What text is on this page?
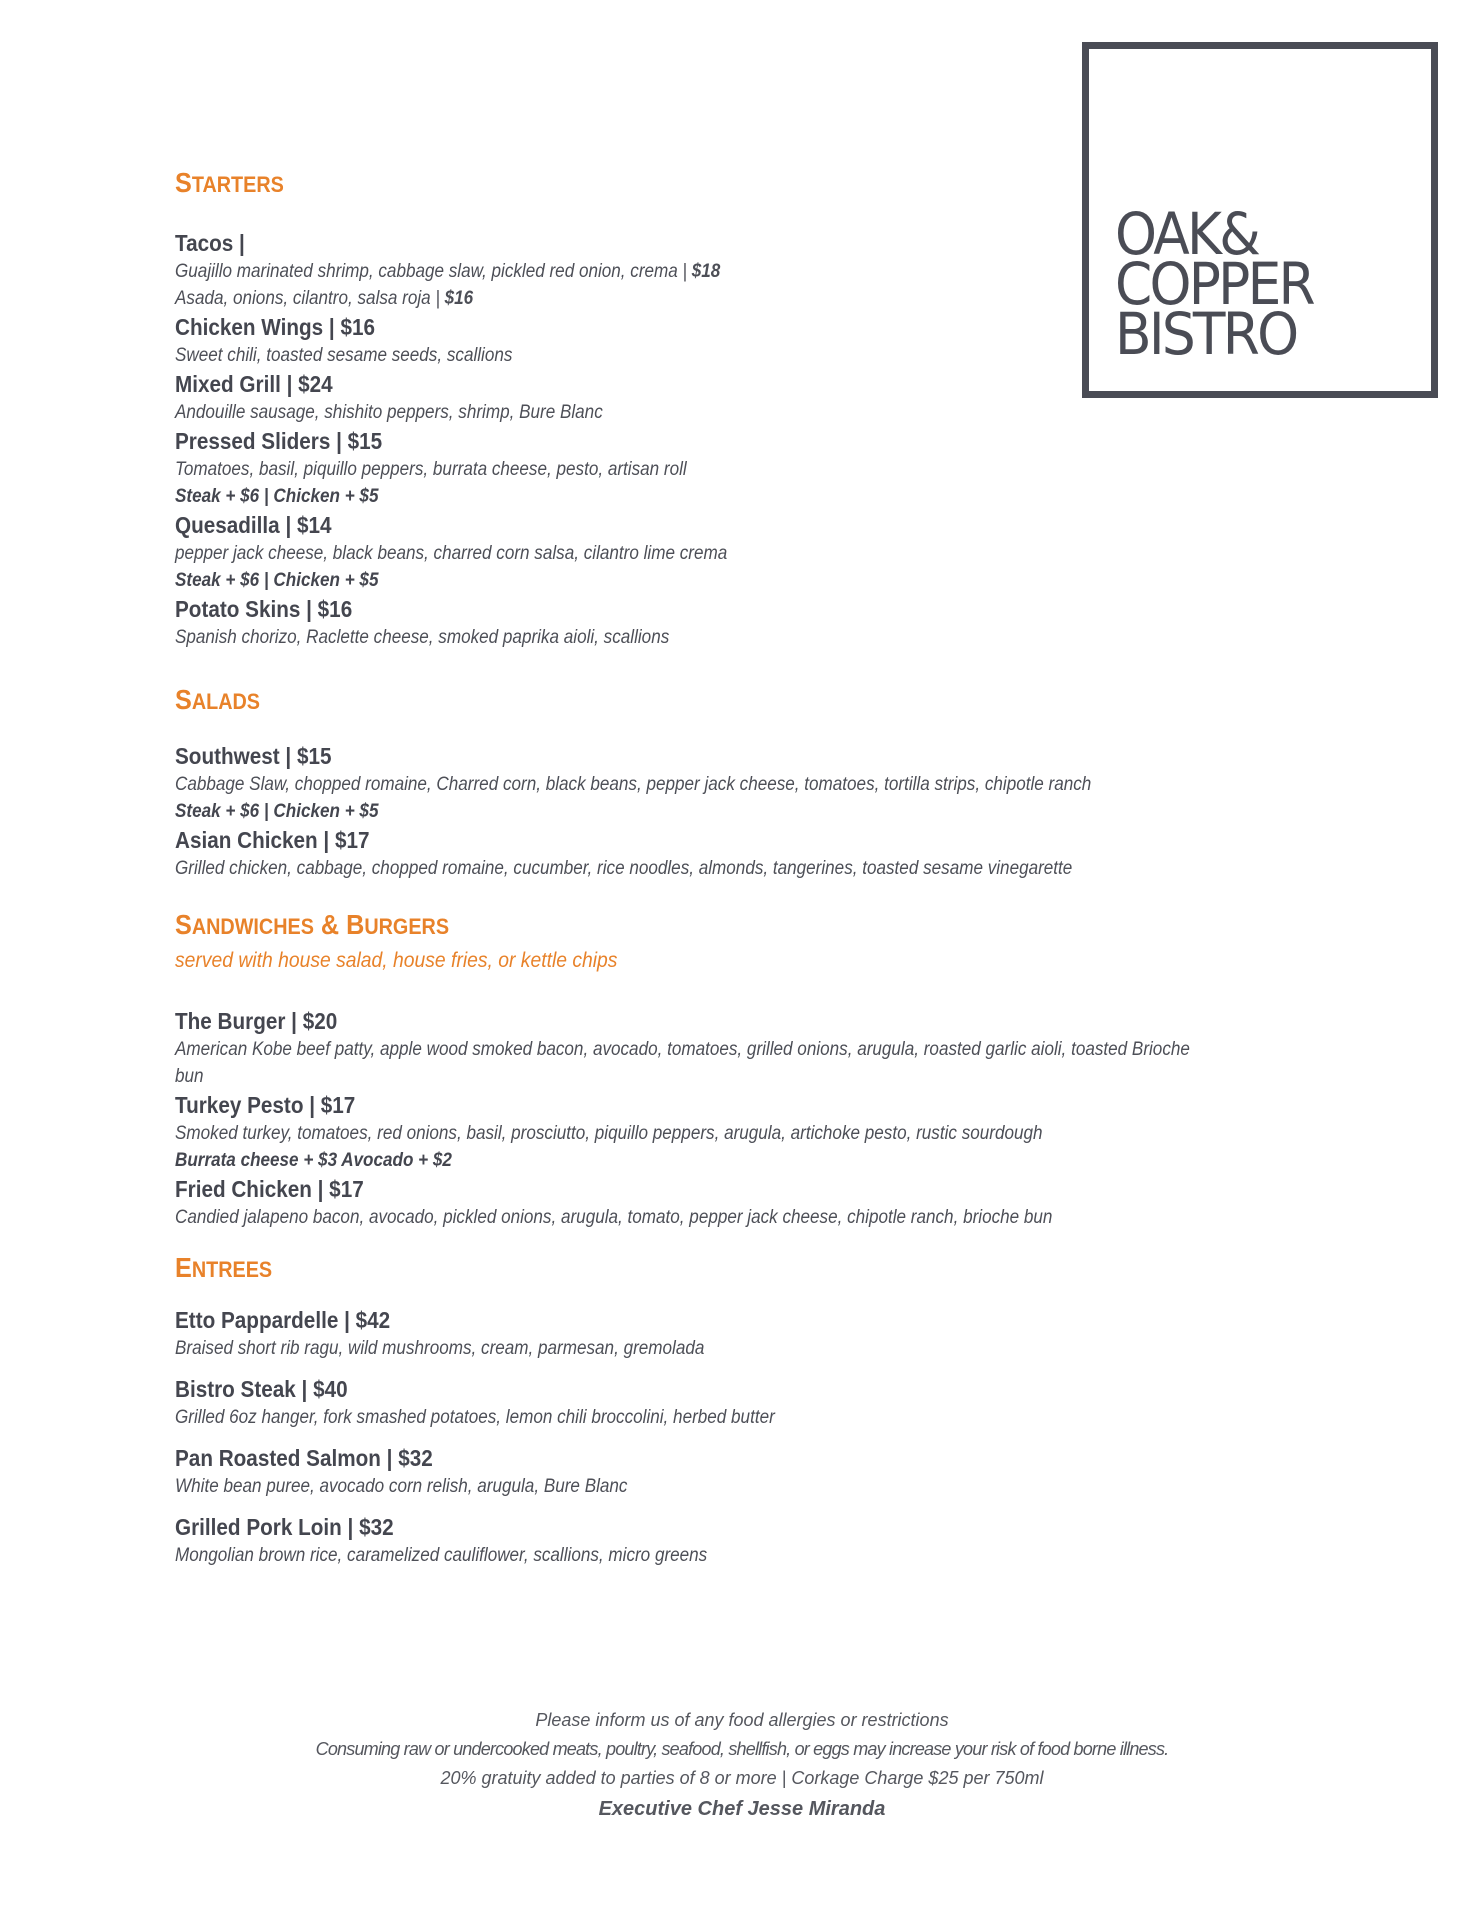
OAK&
COPPER
BISTRO
STARTERS
Tacos |
Guajillo marinated shrimp, cabbage slaw, pickled red onion, crema | $18
Asada, onions, cilantro, salsa roja | $16
Chicken Wings | $16
Sweet chili, toasted sesame seeds, scallions
Mixed Grill | $24
Andouille sausage, shishito peppers, shrimp, Bure Blanc
Pressed Sliders | $15
Tomatoes, basil, piquillo peppers, burrata cheese, pesto, artisan roll
Steak + $6 | Chicken + $5
Quesadilla | $14
pepper jack cheese, black beans, charred corn salsa, cilantro lime crema
Steak + $6 | Chicken + $5
Potato Skins | $16
Spanish chorizo, Raclette cheese, smoked paprika aioli, scallions
SALADS
Southwest | $15
Cabbage Slaw, chopped romaine, Charred corn, black beans, pepper jack cheese, tomatoes, tortilla strips, chipotle ranch
Steak + $6 | Chicken + $5
Asian Chicken | $17
Grilled chicken, cabbage, chopped romaine, cucumber, rice noodles, almonds, tangerines, toasted sesame vinegarette
SANDWICHES & BURGERS
served with house salad, house fries, or kettle chips
The Burger | $20
American Kobe beef patty, apple wood smoked bacon, avocado, tomatoes, grilled onions, arugula, roasted garlic aioli, toasted Brioche bun
Turkey Pesto | $17
Smoked turkey, tomatoes, red onions, basil, prosciutto, piquillo peppers, arugula, artichoke pesto, rustic sourdough
Burrata cheese + $3 Avocado + $2
Fried Chicken | $17
Candied jalapeno bacon, avocado, pickled onions, arugula, tomato, pepper jack cheese, chipotle ranch, brioche bun
ENTREES
Etto Pappardelle | $42
Braised short rib ragu, wild mushrooms, cream, parmesan, gremolada
Bistro Steak | $40
Grilled 6oz hanger, fork smashed potatoes, lemon chili broccolini, herbed butter
Pan Roasted Salmon | $32
White bean puree, avocado corn relish, arugula, Bure Blanc
Grilled Pork Loin | $32
Mongolian brown rice, caramelized cauliflower, scallions, micro greens
Please inform us of any food allergies or restrictions
Consuming raw or undercooked meats, poultry, seafood, shellfish, or eggs may increase your risk of food borne illness.
20% gratuity added to parties of 8 or more | Corkage Charge $25 per 750ml
Executive Chef Jesse Miranda
